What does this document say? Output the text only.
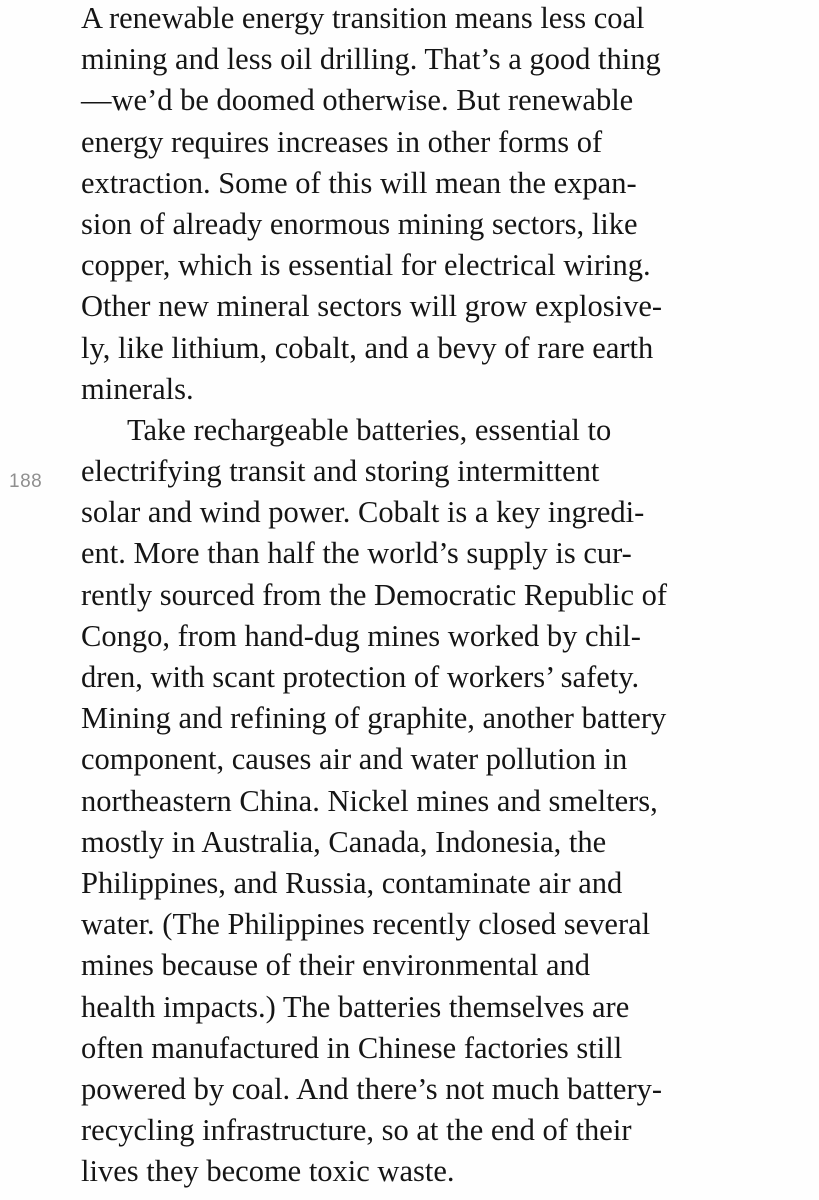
188
A renewable energy transition means less coal
mining and less oil drilling. That’s a good thing
—we’d be doomed otherwise. But renewable
energy requires increases in other forms of
extraction. Some of this will mean the expan-
sion of already enormous mining sectors, like
copper, which is essential for electrical wiring.
Other new mineral sectors will grow explosive-
ly, like lithium, cobalt, and a bevy of rare earth
minerals.
Take rechargeable batteries, essential to
electrifying transit and storing intermittent
solar and wind power. Cobalt is a key ingredi-
ent. More than half the world’s supply is cur-
rently sourced from the Democratic Republic of
Congo, from hand-dug mines worked by chil-
dren, with scant protection of workers’ safety.
Mining and refining of graphite, another battery
component, causes air and water pollution in
northeastern China. Nickel mines and smelters,
mostly in Australia, Canada, Indonesia, the
Philippines, and Russia, contaminate air and
water. (The Philippines recently closed several
mines because of their environmental and
health impacts.) The batteries themselves are
often manufactured in Chinese factories still
powered by coal. And there’s not much battery-
recycling infrastructure, so at the end of their
lives they become toxic waste.
